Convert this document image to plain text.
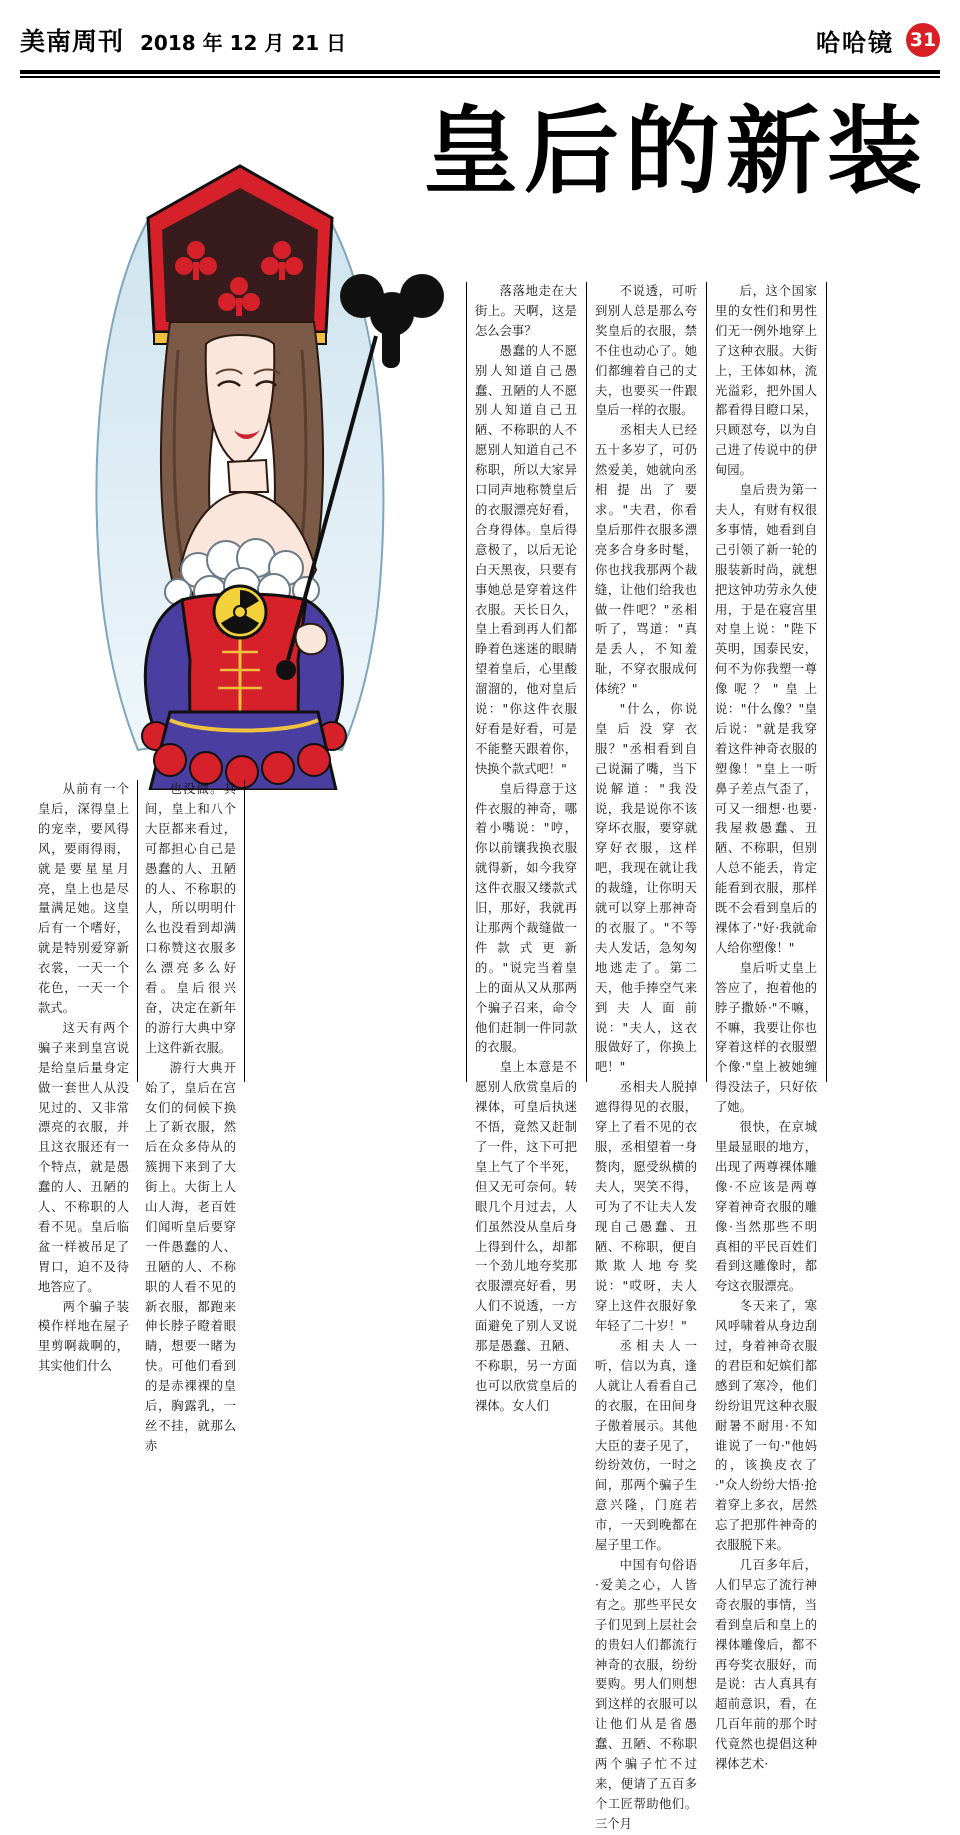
美南周刊 2018 年 12 月 21 日	哈哈镜 31
皇后的新装

从前有一个皇后，深得皇上的宠幸，要风得风，要雨得雨，就是要星星月亮，皇上也是尽量满足她。这皇后有一个嗜好，就是特别爱穿新衣裳，一天一个花色，一天一个款式。

这天有两个骗子来到皇宫说是给皇后量身定做一套世人从没见过的、又非常漂亮的衣服，并且这衣服还有一个特点，就是愚蠢的人、丑陋的人、不称职的人看不见。皇后临盆一样被吊足了胃口，迫不及待地答应了。

两个骗子装模作样地在屋子里剪啊裁啊的，其实他们什么

也没做。其间，皇上和八个大臣都来看过，可都担心自己是愚蠢的人、丑陋的人、不称职的人，所以明明什么也没看到却满口称赞这衣服多么漂亮多么好看。皇后很兴奋，决定在新年的游行大典中穿上这件新衣服。

游行大典开始了，皇后在宫女们的伺候下换上了新衣服，然后在众多侍从的簇拥下来到了大街上。大街上人山人海，老百姓们闻听皇后要穿一件愚蠢的人、丑陋的人、不称职的人看不见的新衣服，都跑来伸长脖子瞪着眼睛，想要一睹为快。可他们看到的是赤裸裸的皇后，胸露乳，一丝不挂，就那么赤

落落地走在大街上。天啊，这是怎么会事？

愚蠢的人不愿别人知道自己愚蠢、丑陋的人不愿别人知道自己丑陋、不称职的人不愿别人知道自己不称职，所以大家异口同声地称赞皇后的衣服漂亮好看，合身得体。皇后得意极了，以后无论白天黑夜，只要有事她总是穿着这件衣服。天长日久，皇上看到再人们都睁着色迷迷的眼睛望着皇后，心里酸溜溜的，他对皇后说："你这件衣服好看是好看，可是不能整天跟着你，快换个款式吧！"

皇后得意于这件衣服的神奇，哪着小嘴说："哼，你以前镶我换衣服就得新，如今我穿这件衣服又缕款式旧，那好，我就再让那两个裁缝做一件款式更新的。"说完当着皇上的面从又从那两个骗子召来，命令他们赶制一件同款的衣服。

皇上本意是不愿别人欣赏皇后的裸体，可皇后执迷不悟，竟然又赶制了一件，这下可把皇上气了个半死，但又无可奈何。转眼几个月过去，人们虽然没从皇后身上得到什么，却都一个劲儿地夸奖那衣服漂亮好看，男人们不说透，一方面避免了别人叉说那是愚蠢、丑陋、不称职，另一方面也可以欣赏皇后的裸体。女人们

不说透，可听到别人总是那么夸奖皇后的衣服，禁不住也动心了。她们都缠着自己的丈夫，也要买一件跟皇后一样的衣服。

丞相夫人已经五十多岁了，可仍然爱美，她就向丞相提出了要求。"夫君，你看皇后那件衣服多漂亮多合身多时髦，你也找我那两个裁缝，让他们给我也做一件吧？"丞相听了，骂道："真是丢人，不知羞耻，不穿衣服成何体统？"

"什么，你说皇后没穿衣服？"丞相看到自己说漏了嘴，当下说解道："我没说，我是说你不该穿坏衣服，要穿就穿好衣服，这样吧，我现在就让我的裁缝，让你明天就可以穿上那神奇的衣服了。"不等夫人发话，急匆匆地逃走了。第二天，他手捧空气来到夫人面前说："夫人，这衣服做好了，你换上吧！"

丞相夫人脱掉遮得得见的衣服，穿上了看不见的衣服，丞相望着一身赘肉，愿受纵横的夫人，哭笑不得，可为了不让夫人发现自己愚蠢、丑陋、不称职，便自欺欺人地夸奖说："哎呀，夫人穿上这件衣服好象年轻了二十岁！"

丞相夫人一听，信以为真，逢人就让人看看自己的衣服，在田间身子傲着展示。其他大臣的妻子见了，纷纷效仿，一时之间，那两个骗子生意兴隆，门庭若市，一天到晚都在屋子里工作。

中国有句俗语·爱美之心，人皆有之。那些平民女子们见到上层社会的贵妇人们都流行神奇的衣服，纷纷要购。男人们则想到这样的衣服可以让他们从是省愚蠢、丑陋、不称职两个骗子忙不过来，便请了五百多个工匠帮助他们。三个月

后，这个国家里的女性们和男性们无一例外地穿上了这种衣服。大街上，王体如林，流光溢彩，把外国人都看得目瞪口呆，只顾怼夸，以为自己进了传说中的伊甸园。

皇后贵为第一夫人，有财有权很多事情，她看到自己引领了新一轮的服装新时尚，就想把这钟功劳永久使用，于是在寝宫里对皇上说："陛下英明，国泰民安，何不为你我塑一尊像呢？"皇上说："什么像？"皇后说："就是我穿着这件神奇衣服的塑像！"皇上一听鼻子差点气歪了，可又一细想·也要·我屋救愚蠢、丑陋、不称职，但别人总不能丢，肯定能看到衣服，那样既不会看到皇后的裸体了·"好·我就命人给你塑像！"

皇后听丈皇上答应了，抱着他的脖子撒娇·"不嘛，不嘛，我要让你也穿着这样的衣服塑个像·"皇上被她缠得没法子，只好依了她。

很快，在京城里最显眼的地方，出现了两尊裸体雕像·不应该是两尊穿着神奇衣服的雕像·当然那些不明真相的平民百姓们看到这雕像时，都夸这衣服漂亮。

冬天来了，寒风呼啸着从身边刮过，身着神奇衣服的君臣和妃嫔们都感到了寒冷，他们纷纷诅咒这种衣服耐暑不耐用·不知谁说了一句·"他妈的，该换皮衣了·"众人纷纷大悟·抢着穿上多衣，居然忘了把那件神奇的衣服脱下来。

几百多年后，人们早忘了流行神奇衣服的事情，当看到皇后和皇上的裸体雕像后，都不再夸奖衣服好，而是说：古人真具有超前意识，看，在几百年前的那个时代竟然也提倡这种裸体艺术·
